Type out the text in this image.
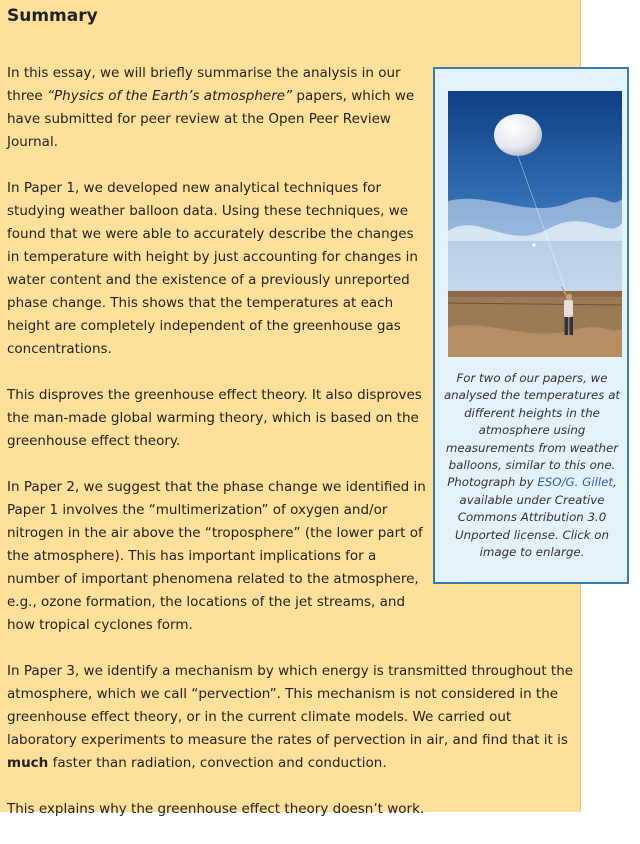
Summary

In this essay, we will briefly summarise the analysis in our three “Physics of the Earth’s atmosphere” papers, which we have submitted for peer review at the Open Peer Review Journal.

In Paper 1, we developed new analytical techniques for studying weather balloon data. Using these techniques, we found that we were able to accurately describe the changes in temperature with height by just accounting for changes in water content and the existence of a previously unreported phase change. This shows that the temperatures at each height are completely independent of the greenhouse gas concentrations.

This disproves the greenhouse effect theory. It also disproves the man-made global warming theory, which is based on the greenhouse effect theory.

In Paper 2, we suggest that the phase change we identified in Paper 1 involves the “multimerization” of oxygen and/or nitrogen in the air above the “troposphere” (the lower part of the atmosphere). This has important implications for a number of important phenomena related to the atmosphere, e.g., ozone formation, the locations of the jet streams, and how tropical cyclones form.

In Paper 3, we identify a mechanism by which energy is transmitted throughout the atmosphere, which we call “pervection”. This mechanism is not considered in the greenhouse effect theory, or in the current climate models. We carried out laboratory experiments to measure the rates of pervection in air, and find that it is much faster than radiation, convection and conduction.

This explains why the greenhouse effect theory doesn’t work.

For two of our papers, we analysed the temperatures at different heights in the atmosphere using measurements from weather balloons, similar to this one. Photograph by ESO/G. Gillet, available under Creative Commons Attribution 3.0 Unported license. Click on image to enlarge.
